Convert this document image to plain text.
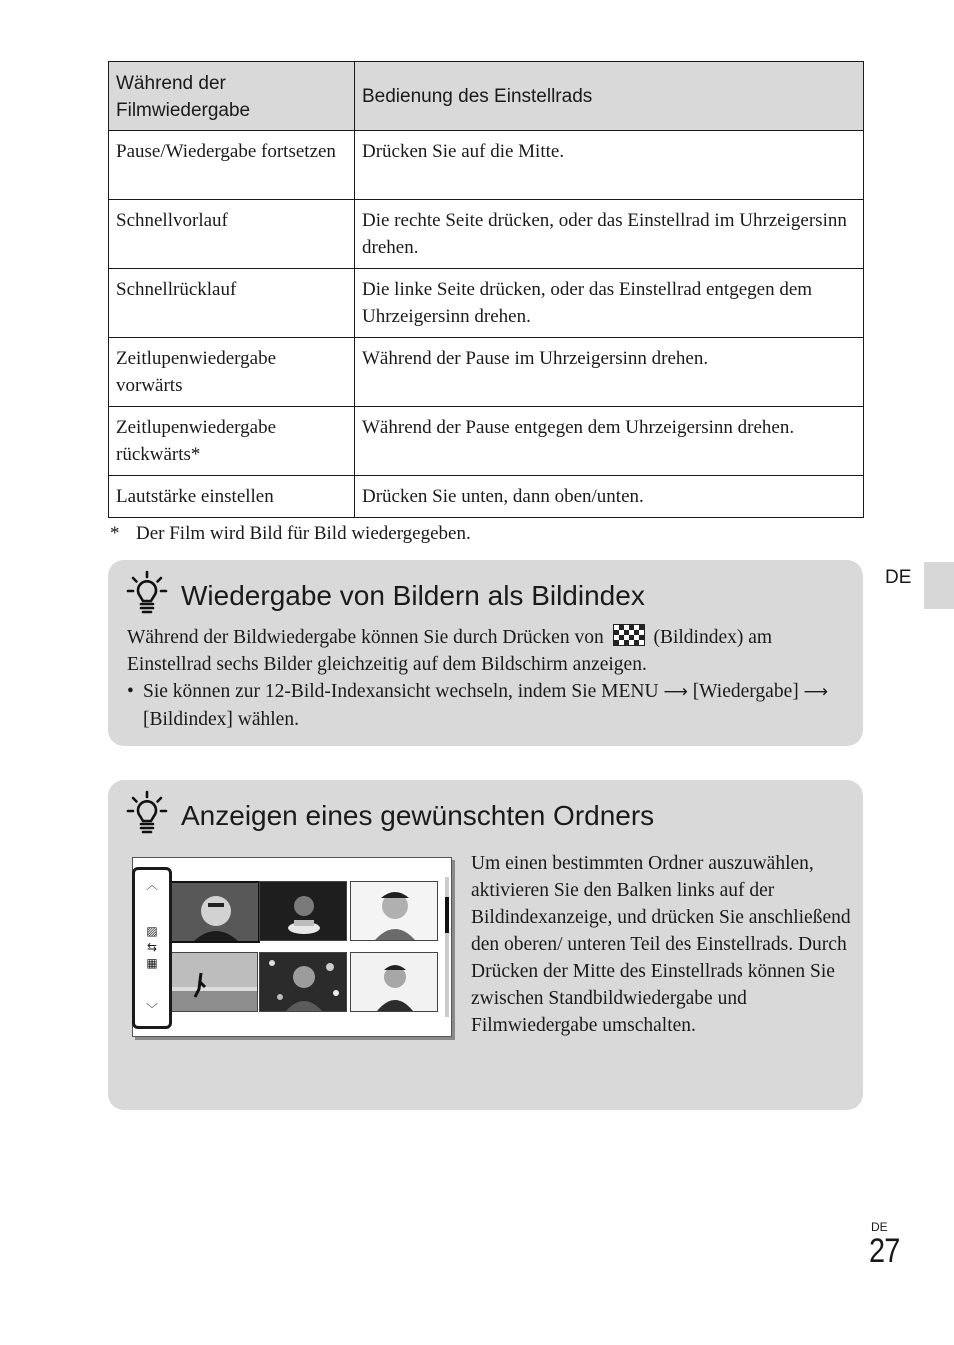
Während der Filmwiedergabe	Bedienung des Einstellrads
Pause/Wiedergabe fortsetzen	Drücken Sie auf die Mitte.
Schnellvorlauf	Die rechte Seite drücken, oder das Einstellrad im Uhrzeigersinn drehen.
Schnellrücklauf	Die linke Seite drücken, oder das Einstellrad entgegen dem Uhrzeigersinn drehen.
Zeitlupenwiedergabe vorwärts	Während der Pause im Uhrzeigersinn drehen.
Zeitlupenwiedergabe rückwärts*	Während der Pause entgegen dem Uhrzeigersinn drehen.
Lautstärke einstellen	Drücken Sie unten, dann oben/unten.
* Der Film wird Bild für Bild wiedergegeben.
DE
Wiedergabe von Bildern als Bildindex

Während der Bildwiedergabe können Sie durch Drücken von	(Bildindex) am Einstellrad sechs Bilder gleichzeitig auf dem Bildschirm anzeigen.

• Sie können zur 12-Bild-Indexansicht wechseln, indem Sie MENU ⟶ [Wiedergabe] ⟶ [Bildindex] wählen.
Anzeigen eines gewünschten Ordners
︿
▨
⇆
▦
﹀

Um einen bestimmten Ordner auszuwählen, aktivieren Sie den Balken links auf der Bildindexanzeige, und drücken Sie anschließend den oberen/ unteren Teil des Einstellrads. Durch Drücken der Mitte des Einstellrads können Sie zwischen Standbildwiedergabe und Filmwiedergabe umschalten.

DE
27
